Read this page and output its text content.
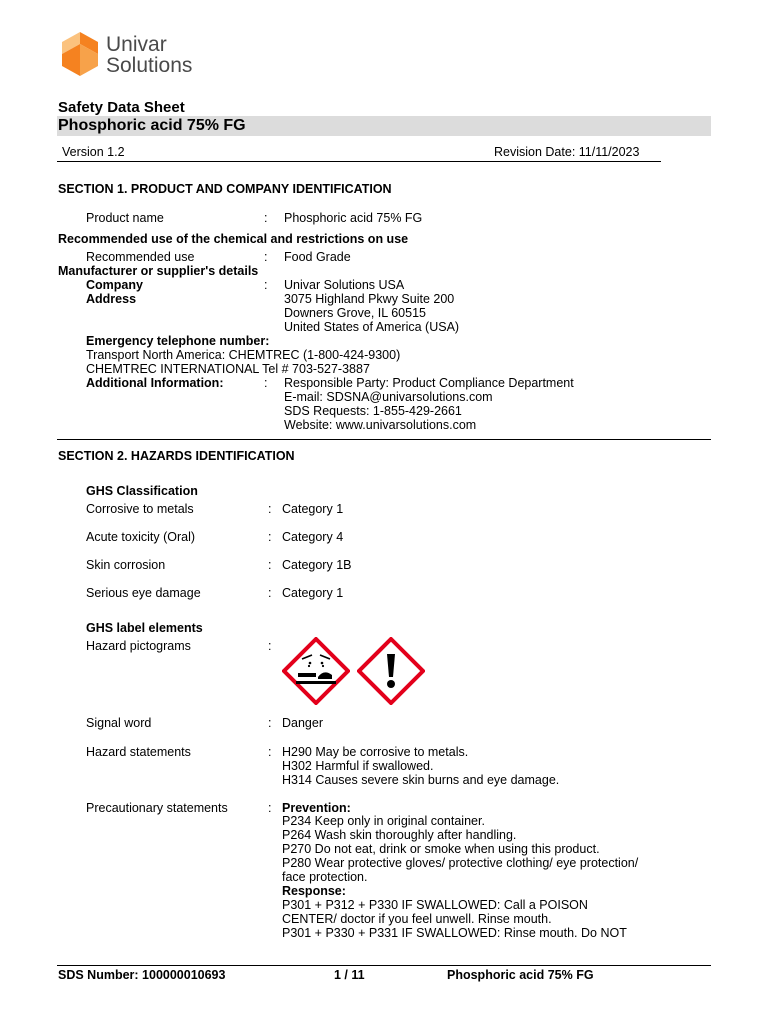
Univar
Solutions
Safety Data Sheet
Phosphoric acid 75% FG
Version 1.2	Revision Date: 11/11/2023
SECTION 1. PRODUCT AND COMPANY IDENTIFICATION
Product name	: Phosphoric acid 75% FG
Recommended use of the chemical and restrictions on use
Recommended use	: Food Grade
Manufacturer or supplier's details
Company	: Univar Solutions USA
Address	3075 Highland Pkwy Suite 200
Downers Grove, IL 60515
United States of America (USA)
Emergency telephone number:
Transport North America: CHEMTREC (1-800-424-9300)
CHEMTREC INTERNATIONAL Tel # 703-527-3887
Additional Information:	: Responsible Party: Product Compliance Department
E-mail: SDSNA@univarsolutions.com
SDS Requests: 1-855-429-2661
Website: www.univarsolutions.com
SECTION 2. HAZARDS IDENTIFICATION
GHS Classification
Corrosive to metals	: Category 1
Acute toxicity (Oral)	: Category 4
Skin corrosion	: Category 1B
Serious eye damage	: Category 1
GHS label elements
Hazard pictograms	:
Signal word	: Danger
Hazard statements	: H290 May be corrosive to metals.
H302 Harmful if swallowed.
H314 Causes severe skin burns and eye damage.
Precautionary statements	: Prevention:
P234 Keep only in original container.
P264 Wash skin thoroughly after handling.
P270 Do not eat, drink or smoke when using this product.
P280 Wear protective gloves/ protective clothing/ eye protection/
face protection.
Response:
P301 + P312 + P330 IF SWALLOWED: Call a POISON
CENTER/ doctor if you feel unwell. Rinse mouth.
P301 + P330 + P331 IF SWALLOWED: Rinse mouth. Do NOT
SDS Number: 100000010693	1 / 11	Phosphoric acid 75% FG
